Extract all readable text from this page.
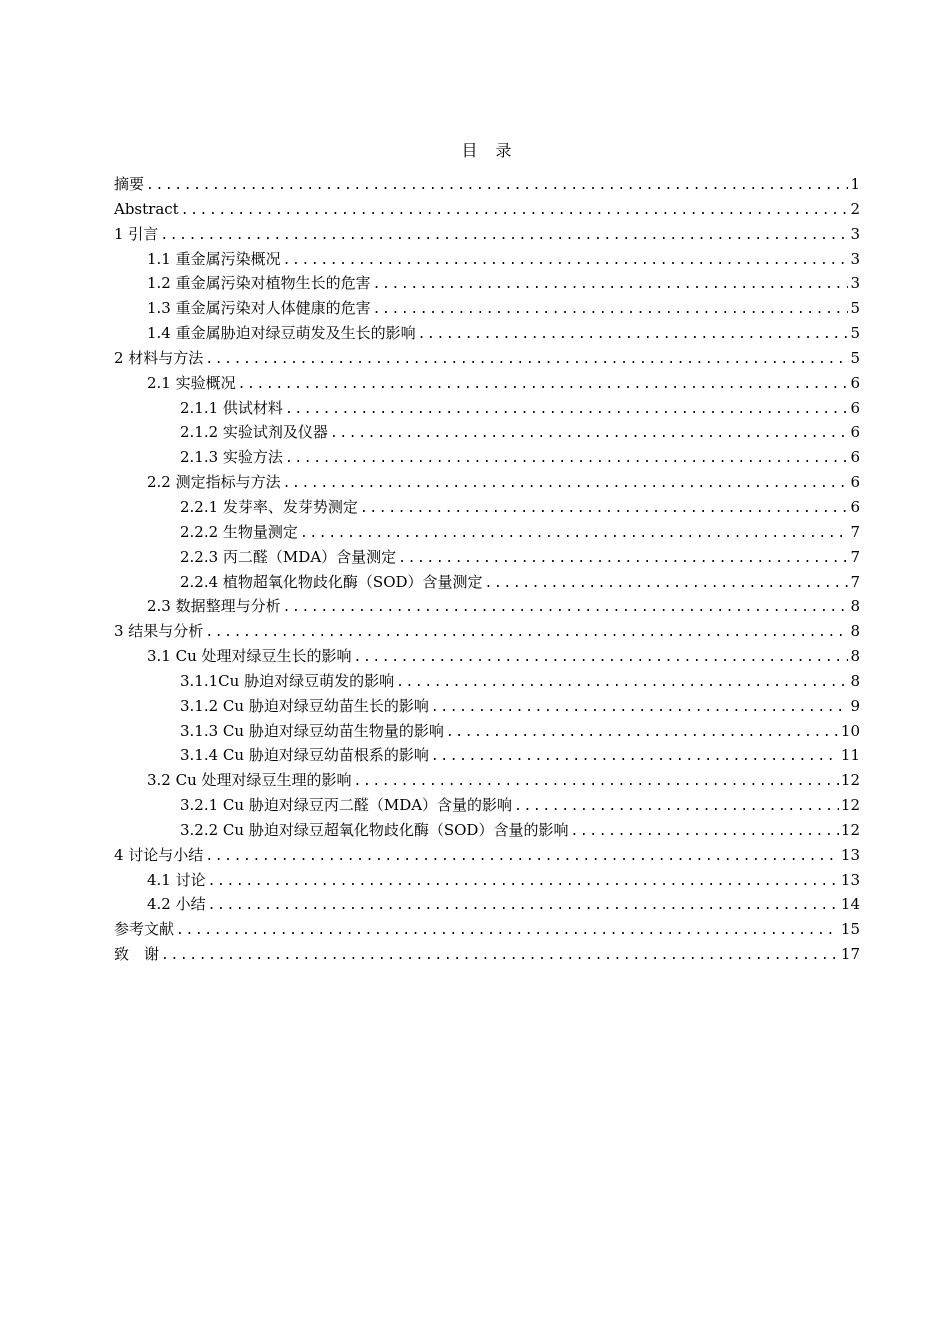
目 录
摘要 .....	1
Abstract .....	2
1 引言 .....	3
1.1 重金属污染概况 .....	3
1.2 重金属污染对植物生长的危害 .....	3
1.3 重金属污染对人体健康的危害 .....	5
1.4 重金属胁迫对绿豆萌发及生长的影响 .....	5
2 材料与方法 .....	5
2.1 实验概况 .....	6
2.1.1 供试材料 .....	6
2.1.2 实验试剂及仪器 .....	6
2.1.3 实验方法 .....	6
2.2 测定指标与方法 .....	6
2.2.1 发芽率、发芽势测定 .....	6
2.2.2 生物量测定 .....	7
2.2.3 丙二醛（MDA）含量测定 .....	7
2.2.4 植物超氧化物歧化酶（SOD）含量测定 .....	7
2.3 数据整理与分析 .....	8
3 结果与分析 .....	8
3.1 Cu 处理对绿豆生长的影响 .....	8
3.1.1Cu 胁迫对绿豆萌发的影响 .....	8
3.1.2 Cu 胁迫对绿豆幼苗生长的影响 .....	9
3.1.3 Cu 胁迫对绿豆幼苗生物量的影响 .....	10
3.1.4 Cu 胁迫对绿豆幼苗根系的影响 .....	11
3.2 Cu 处理对绿豆生理的影响 .....	12
3.2.1 Cu 胁迫对绿豆丙二醛（MDA）含量的影响 .....	12
3.2.2 Cu 胁迫对绿豆超氧化物歧化酶（SOD）含量的影响 .....	12
4 讨论与小结 .....	13
4.1 讨论 .....	13
4.2 小结 .....	14
参考文献 .....	15
致　谢 .....	17
